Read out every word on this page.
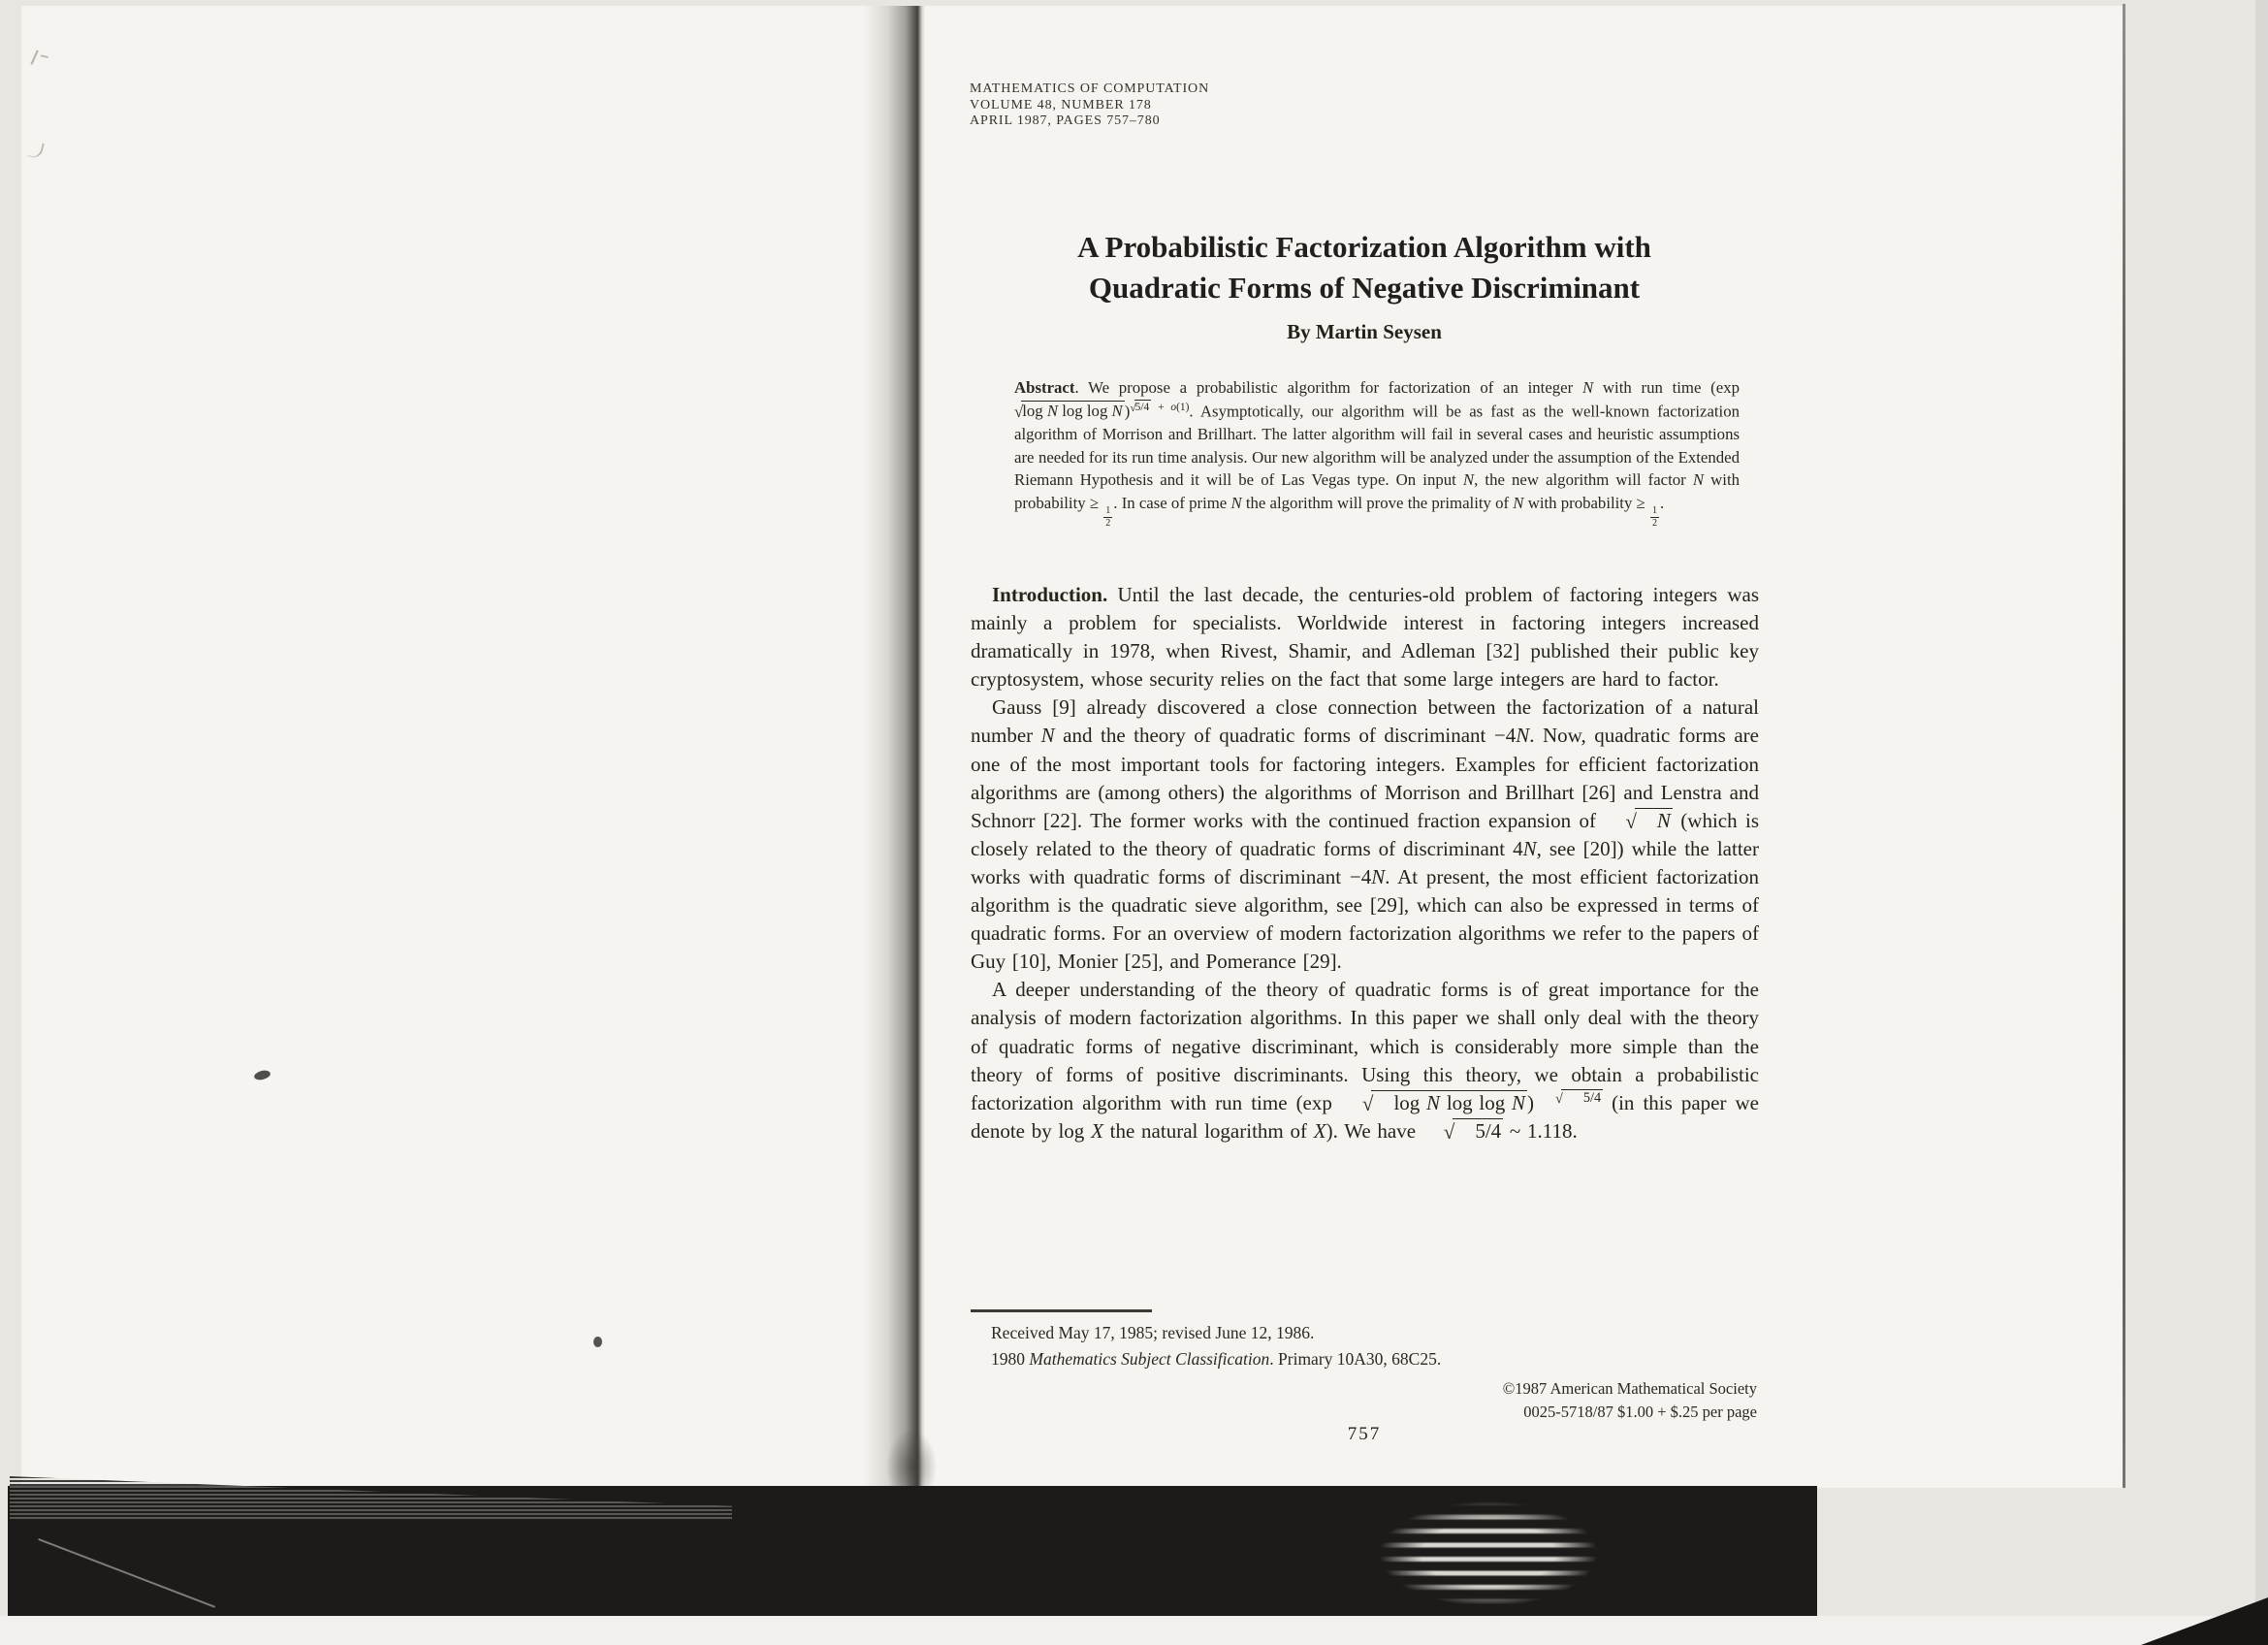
MATHEMATICS OF COMPUTATION
VOLUME 48, NUMBER 178
APRIL 1987, PAGES 757–780
A Probabilistic Factorization Algorithm with
Quadratic Forms of Negative Discriminant
By Martin Seysen
Abstract. We propose a probabilistic algorithm for factorization of an integer N with run time (exp√log N log log N )$^{√5/4 + o(1)}$. Asymptotically, our algorithm will be as fast as the well-known factorization algorithm of Morrison and Brillhart. The latter algorithm will fail in several cases and heuristic assumptions are needed for its run time analysis. Our new algorithm will be analyzed under the assumption of the Extended Riemann Hypothesis and it will be of Las Vegas type. On input N, the new algorithm will factor N with probability ≥
$\frac{1}{2}$
. In case of prime N the algorithm will prove the primality of N with probability ≥
$\frac{1}{2}$
.

Introduction. Until the last decade, the centuries-old problem of factoring integers was mainly a problem for specialists. Worldwide interest in factoring integers increased dramatically in 1978, when Rivest, Shamir, and Adleman [32] published their public key cryptosystem, whose security relies on the fact that some large integers are hard to factor.

Gauss [9] already discovered a close connection between the factorization of a natural number N and the theory of quadratic forms of discriminant −4N. Now, quadratic forms are one of the most important tools for factoring integers. Examples for efficient factorization algorithms are (among others) the algorithms of Morrison and Brillhart [26] and Lenstra and Schnorr [22]. The former works with the continued fraction expansion of √ N (which is closely related to the theory of quadratic forms of discriminant 4N, see [20]) while the latter works with quadratic forms of discriminant −4N. At present, the most efficient factorization algorithm is the quadratic sieve algorithm, see [29], which can also be expressed in terms of quadratic forms. For an overview of modern factorization algorithms we refer to the papers of Guy [10], Monier [25], and Pomerance [29].

A deeper understanding of the theory of quadratic forms is of great importance for the analysis of modern factorization algorithms. In this paper we shall only deal with the theory of quadratic forms of negative discriminant, which is considerably more simple than the theory of forms of positive discriminants. Using this theory, we obtain a probabilistic factorization algorithm with run time (exp √ log N log log N) $^{√ 5/4}$ (in this paper we denote by log X the natural logarithm of X). We have √ 5/4 ~ 1.118.

Received May 17, 1985; revised June 12, 1986.
1980 Mathematics Subject Classification. Primary 10A30, 68C25.
©1987 American Mathematical Society
0025-5718/87 $1.00 + $.25 per page
757
